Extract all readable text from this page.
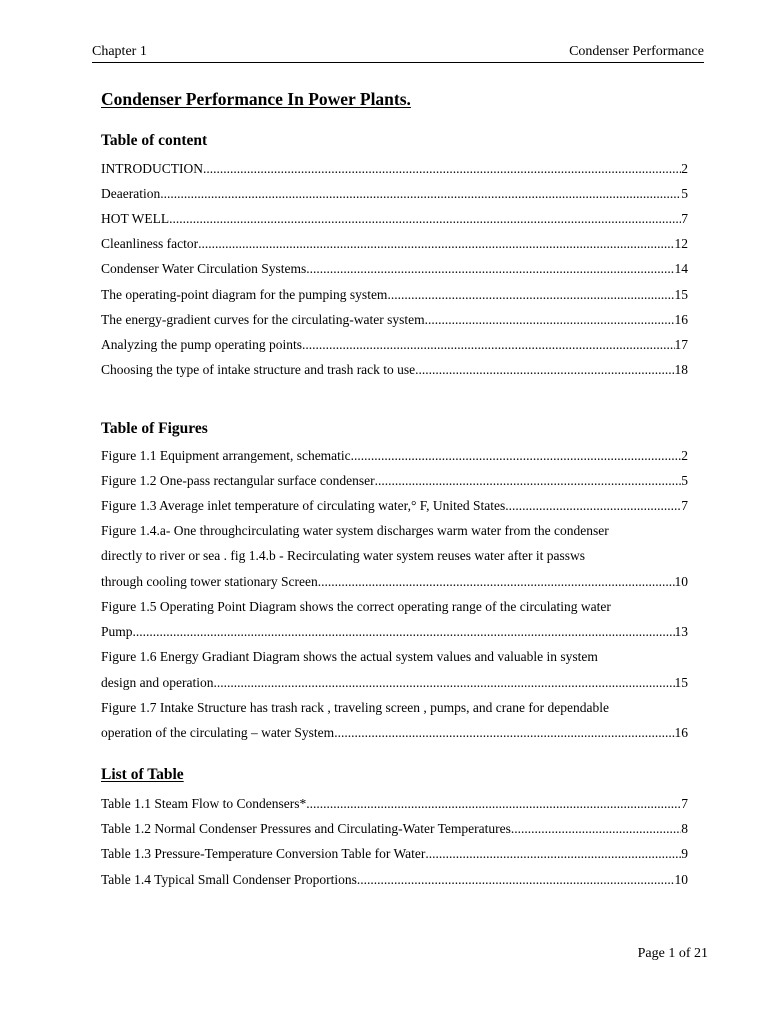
Chapter 1	Condenser Performance
Condenser Performance In Power Plants.
Table of content
INTRODUCTION .....	2
Deaeration .....	5
HOT WELL .....	7
Cleanliness factor .....	12
Condenser Water Circulation Systems .....	14
The operating-point diagram for the pumping system .....	15
The energy-gradient curves for the circulating-water system .....	16
Analyzing the pump operating points .....	17
Choosing the type of intake structure and trash rack to use .....	18
Table of Figures
Figure 1.1 Equipment arrangement, schematic .....	2
Figure 1.2 One-pass rectangular surface condenser .....	5
Figure 1.3 Average inlet temperature of circulating water,° F, United States .....	7
Figure 1.4.a- One throughcirculating water system discharges warm water from the condenser
directly to river or sea . fig 1.4.b - Recirculating water system reuses water after it passws
through cooling tower stationary Screen .....	10
Figure 1.5 Operating Point Diagram shows the correct operating range of the circulating water
Pump .....	13
Figure 1.6 Energy Gradiant Diagram shows the actual system values and valuable in system
design and operation .....	15
Figure 1.7 Intake Structure has trash rack , traveling screen , pumps, and crane for dependable
operation of the circulating – water System .....	16
List of Table
Table 1.1 Steam Flow to Condensers* .....	7
Table 1.2 Normal Condenser Pressures and Circulating-Water Temperatures .....	8
Table 1.3 Pressure-Temperature Conversion Table for Water .....	9
Table 1.4 Typical Small Condenser Proportions .....	10
Page 1 of 21
